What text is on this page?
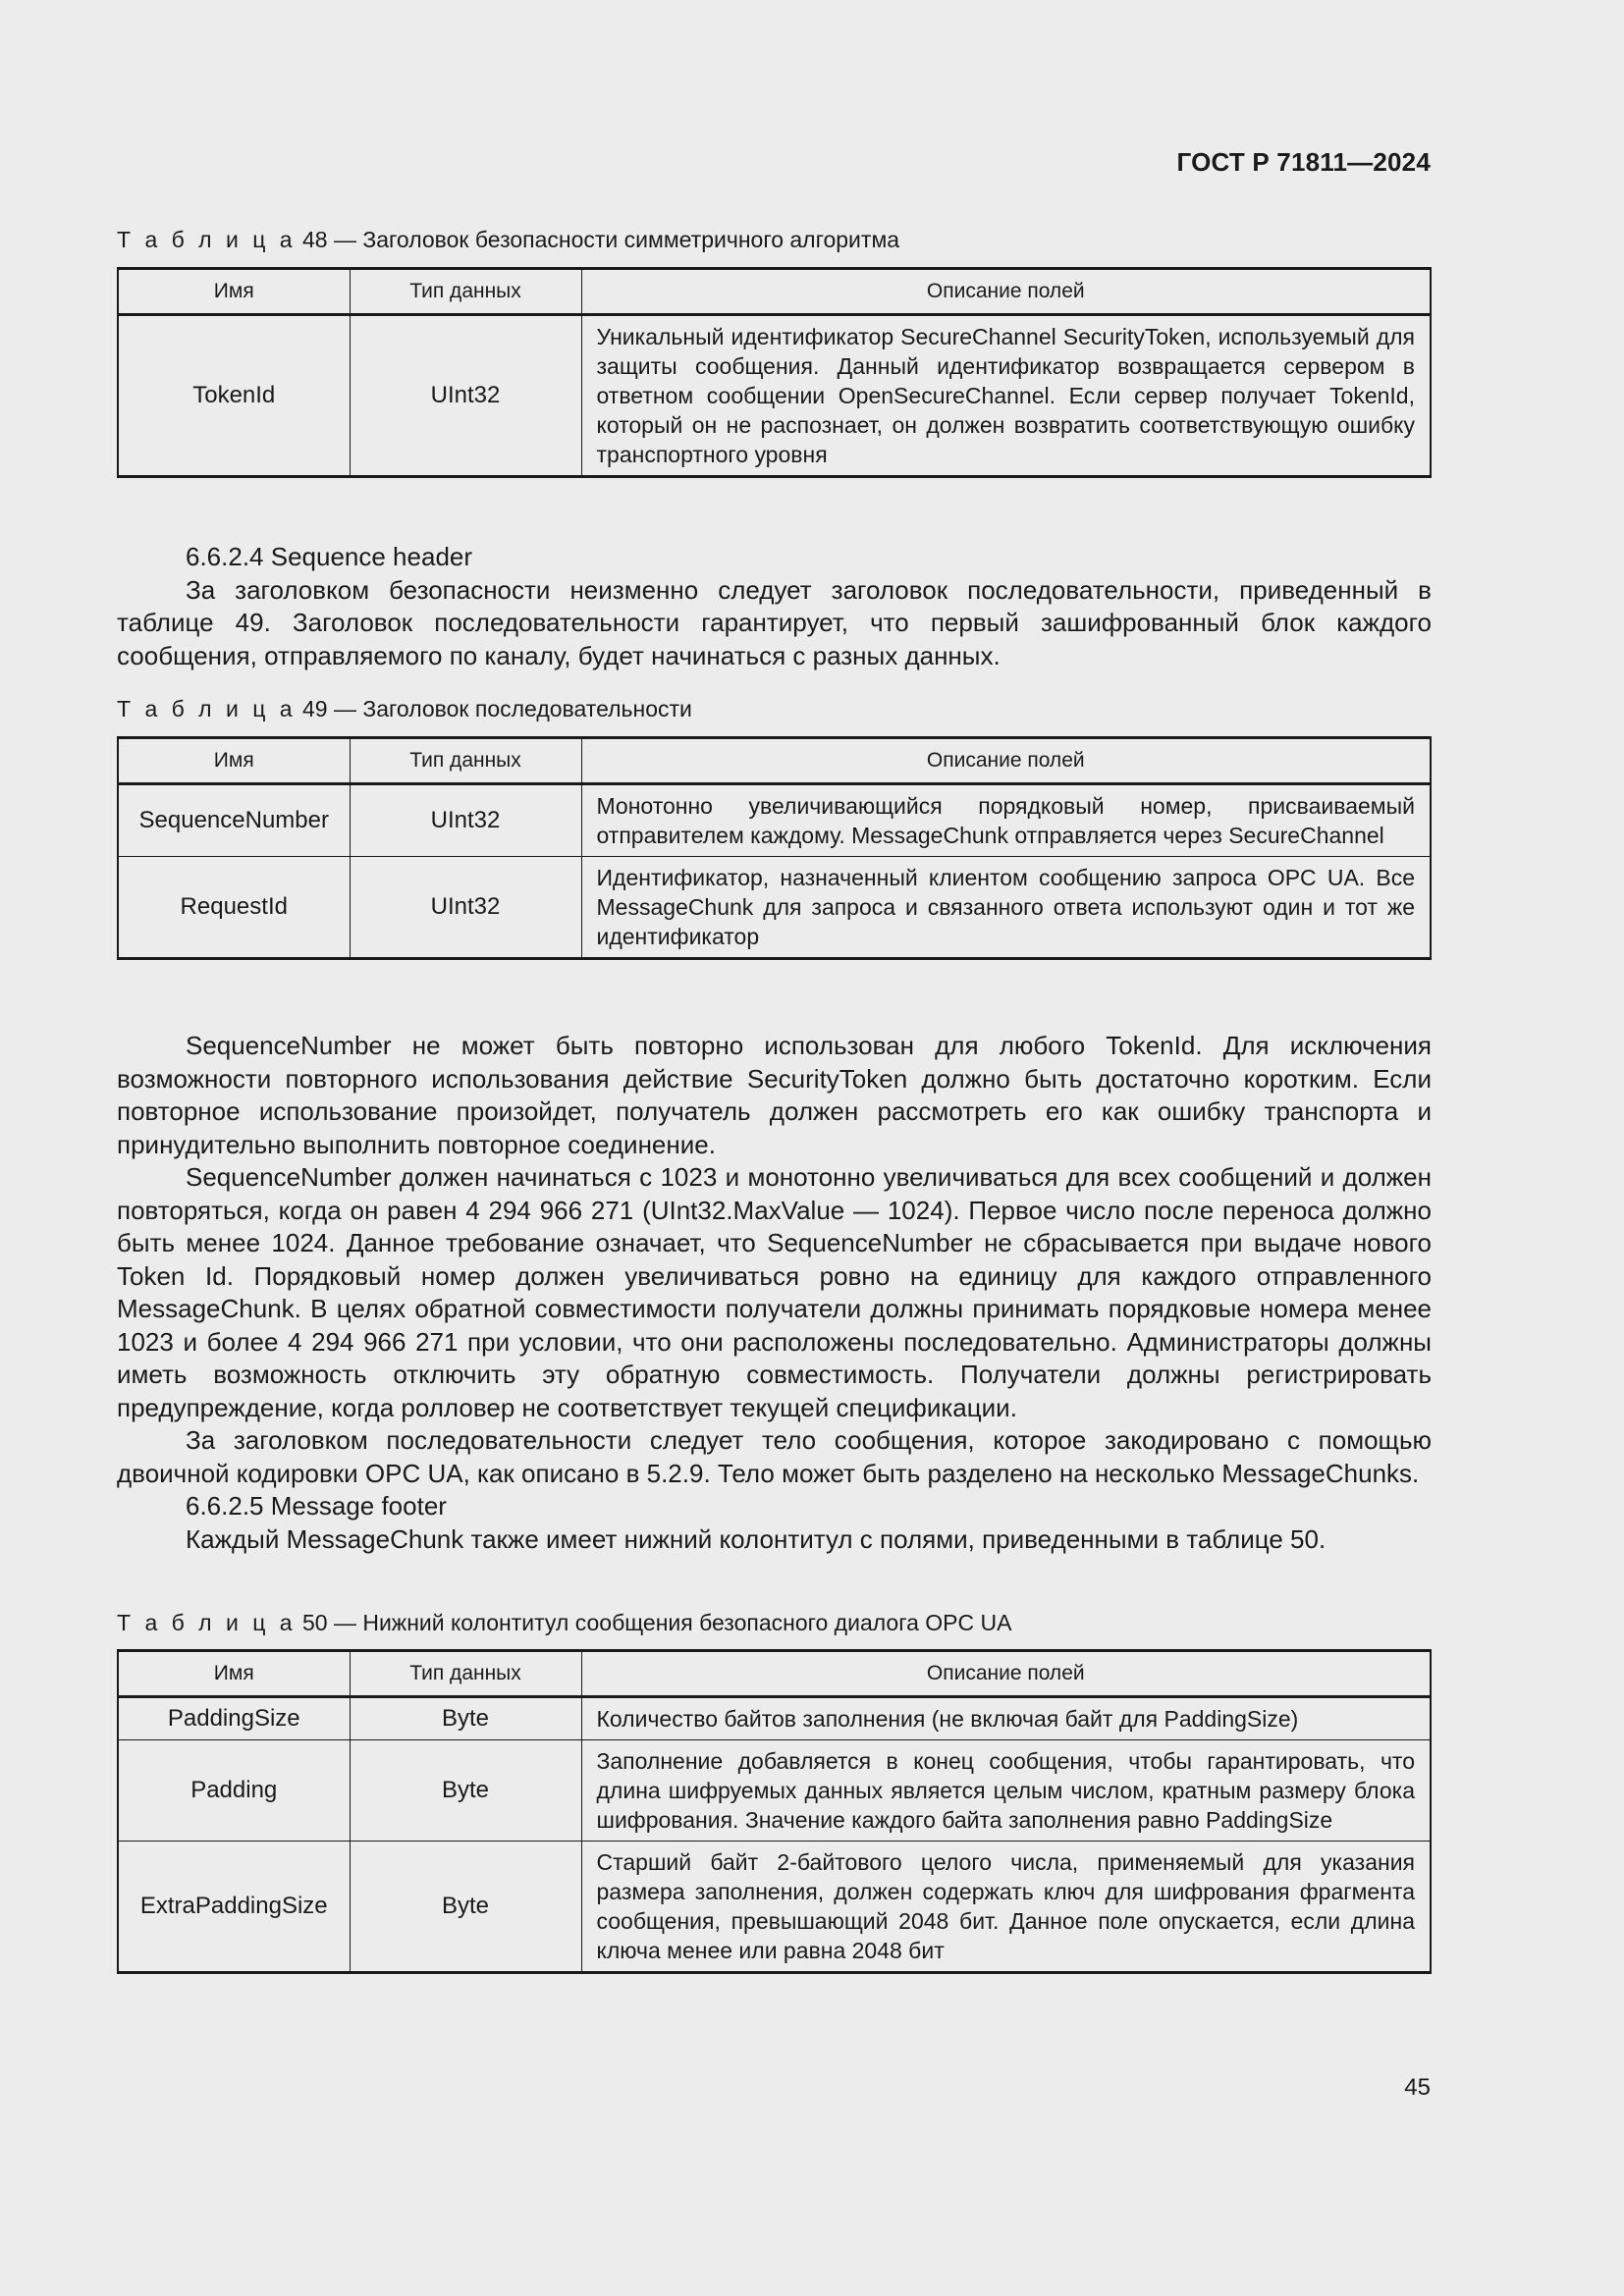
ГОСТ Р 71811—2024
Т а б л и ц а 48 — Заголовок безопасности симметричного алгоритма
Имя	Тип данных	Описание полей
TokenId	UInt32	Уникальный идентификатор SecureChannel SecurityToken, используемый для защиты сообщения. Данный идентификатор возвращается сервером в ответном сообщении OpenSecureChannel. Если сервер получает TokenId, который он не распознает, он должен возвратить соответствующую ошибку транспортного уровня

6.6.2.4 Sequence header

За заголовком безопасности неизменно следует заголовок последовательности, приведенный в таблице 49. Заголовок последовательности гарантирует, что первый зашифрованный блок каждого сообщения, отправляемого по каналу, будет начинаться с разных данных.

Т а б л и ц а 49 — Заголовок последовательности
Имя	Тип данных	Описание полей
SequenceNumber	UInt32	Монотонно увеличивающийся порядковый номер, присваиваемый отправителем каждому. MessageChunk отправляется через SecureChannel
RequestId	UInt32	Идентификатор, назначенный клиентом сообщению запроса OPC UA. Все MessageChunk для запроса и связанного ответа используют один и тот же идентификатор

SequenceNumber не может быть повторно использован для любого TokenId. Для исключения возможности повторного использования действие SecurityToken должно быть достаточно коротким. Если повторное использование произойдет, получатель должен рассмотреть его как ошибку транспорта и принудительно выполнить повторное соединение.

SequenceNumber должен начинаться с 1023 и монотонно увеличиваться для всех сообщений и должен повторяться, когда он равен 4 294 966 271 (UInt32.MaxValue — 1024). Первое число после переноса должно быть менее 1024. Данное требование означает, что SequenceNumber не сбрасывается при выдаче нового Token Id. Порядковый номер должен увеличиваться ровно на единицу для каждого отправленного MessageChunk. В целях обратной совместимости получатели должны принимать порядковые номера менее 1023 и более 4 294 966 271 при условии, что они расположены последовательно. Администраторы должны иметь возможность отключить эту обратную совместимость. Получатели должны регистрировать предупреждение, когда ролловер не соответствует текущей спецификации.

За заголовком последовательности следует тело сообщения, которое закодировано с помощью двоичной кодировки OPC UA, как описано в 5.2.9. Тело может быть разделено на несколько MessageChunks.

6.6.2.5 Message footer

Каждый MessageChunk также имеет нижний колонтитул с полями, приведенными в таблице 50.

Т а б л и ц а 50 — Нижний колонтитул сообщения безопасного диалога OPC UA
Имя	Тип данных	Описание полей
PaddingSize	Byte	Количество байтов заполнения (не включая байт для PaddingSize)
Padding	Byte	Заполнение добавляется в конец сообщения, чтобы гарантировать, что длина шифруемых данных является целым числом, кратным размеру блока шифрования. Значение каждого байта заполнения равно PaddingSize
ExtraPaddingSize	Byte	Старший байт 2-байтового целого числа, применяемый для указания размера заполнения, должен содержать ключ для шифрования фрагмента сообщения, превышающий 2048 бит. Данное поле опускается, если длина ключа менее или равна 2048 бит
45
